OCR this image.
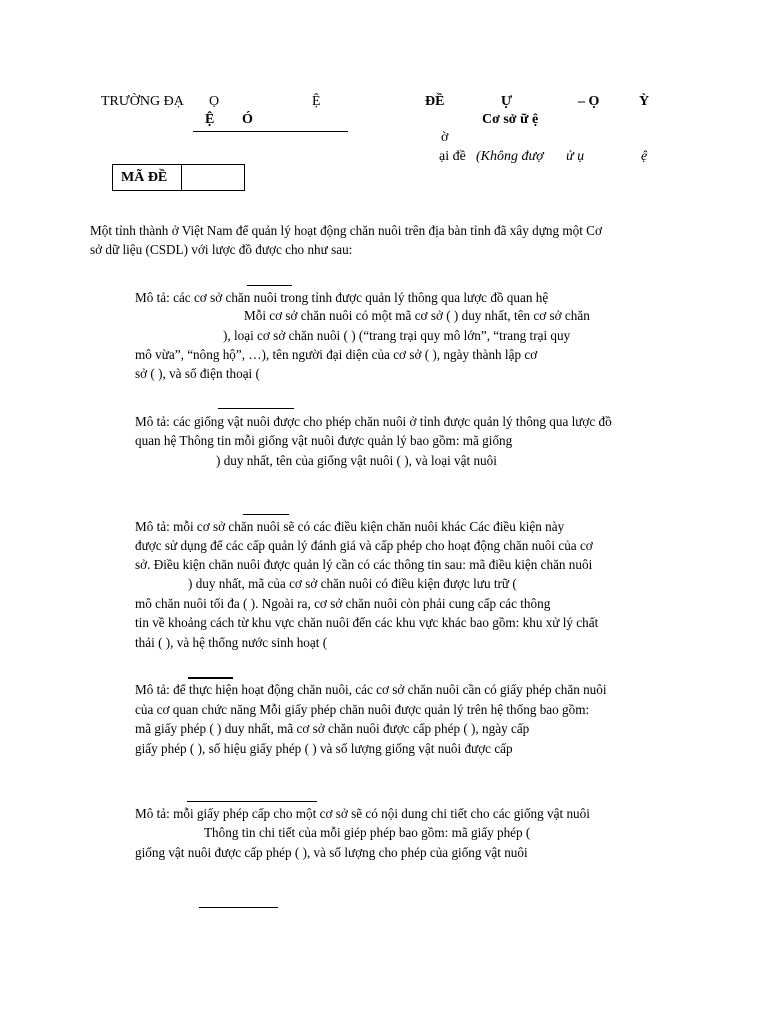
TRƯỜNG ĐẠ Ọ	Ệ
Ệ Ó
ĐỀ	Ự	– Ọ	Ỳ
Cơ sở ữ ệ
ờ
ại đề (Không đượ ử ụ	ệ
MÃ ĐỀ
Một tỉnh thành ở Việt Nam để quản lý hoạt động chăn nuôi trên địa bàn tỉnh đã xây dựng một Cơ
sở dữ liệu (CSDL) với lược đồ được cho như sau:
Mô tả: các cơ sở chăn nuôi trong tỉnh được quản lý thông qua lược đồ quan hệ
Mỗi cơ sở chăn nuôi có một mã cơ sở ( ) duy nhất, tên cơ sở chăn
), loại cơ sở chăn nuôi ( ) (“trang trại quy mô lớn”, “trang trại quy
mô vừa”, “nông hộ”, …), tên người đại diện của cơ sở ( ), ngày thành lập cơ
sở ( ), và số điện thoại (
Mô tả: các giống vật nuôi được cho phép chăn nuôi ở tỉnh được quản lý thông qua lược đồ
quan hệ Thông tin mỗi giống vật nuôi được quản lý bao gồm: mã giống
) duy nhất, tên của giống vật nuôi ( ), và loại vật nuôi
Mô tả: mỗi cơ sở chăn nuôi sẽ có các điều kiện chăn nuôi khác Các điều kiện này
được sử dụng để các cấp quản lý đánh giá và cấp phép cho hoạt động chăn nuôi của cơ
sở. Điều kiện chăn nuôi được quản lý cần có các thông tin sau: mã điều kiện chăn nuôi
) duy nhất, mã của cơ sở chăn nuôi có điều kiện được lưu trữ (
mô chăn nuôi tối đa ( ). Ngoài ra, cơ sở chăn nuôi còn phải cung cấp các thông
tin về khoảng cách từ khu vực chăn nuôi đến các khu vực khác bao gồm: khu xử lý chất
thải ( ), và hệ thống nước sinh hoạt (
Mô tả: để thực hiện hoạt động chăn nuôi, các cơ sở chăn nuôi cần có giấy phép chăn nuôi
của cơ quan chức năng Mỗi giấy phép chăn nuôi được quản lý trên hệ thống bao gồm:
mã giấy phép ( ) duy nhất, mã cơ sở chăn nuôi được cấp phép ( ), ngày cấp
giấy phép ( ), số hiệu giấy phép ( ) và số lượng giống vật nuôi được cấp
Mô tả: mỗi giấy phép cấp cho một cơ sở sẽ có nội dung chi tiết cho các giống vật nuôi
Thông tin chi tiết của mỗi giép phép bao gồm: mã giấy phép (
giống vật nuôi được cấp phép ( ), và số lượng cho phép của giống vật nuôi
